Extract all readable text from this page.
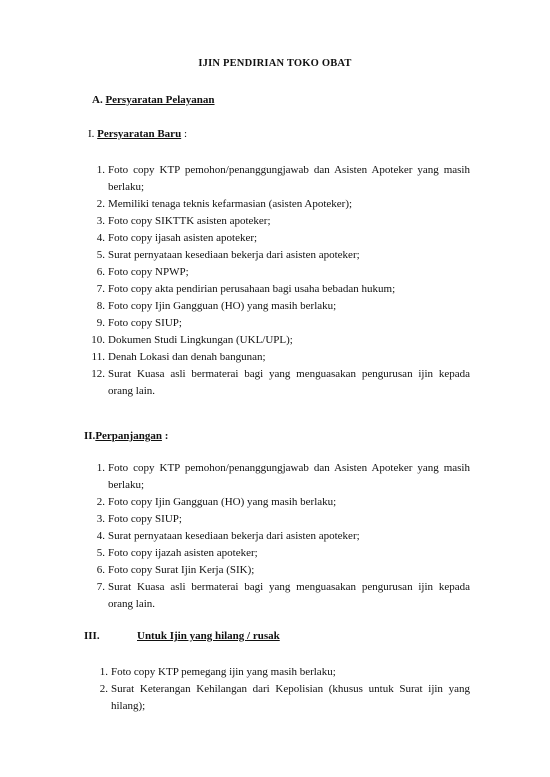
IJIN PENDIRIAN TOKO OBAT
A. Persyaratan Pelayanan
I. Persyaratan Baru :
1. Foto copy KTP pemohon/penanggungjawab dan Asisten Apoteker yang masih berlaku;
2. Memiliki tenaga teknis kefarmasian (asisten Apoteker);
3. Foto copy SIKTTK asisten apoteker;
4. Foto copy ijasah asisten apoteker;
5. Surat pernyataan kesediaan bekerja dari asisten apoteker;
6. Foto copy NPWP;
7. Foto copy akta pendirian perusahaan bagi usaha bebadan hukum;
8. Foto copy Ijin Gangguan (HO) yang masih berlaku;
9. Foto copy SIUP;
10. Dokumen Studi Lingkungan (UKL/UPL);
11. Denah Lokasi dan denah bangunan;
12. Surat Kuasa asli bermaterai bagi yang menguasakan pengurusan ijin kepada orang lain.
II.Perpanjangan :
1. Foto copy KTP pemohon/penanggungjawab dan Asisten Apoteker yang masih berlaku;
2. Foto copy Ijin Gangguan (HO) yang masih berlaku;
3. Foto copy SIUP;
4. Surat pernyataan kesediaan bekerja dari asisten apoteker;
5. Foto copy ijazah asisten apoteker;
6. Foto copy Surat Ijin Kerja (SIK);
7. Surat Kuasa asli bermaterai bagi yang menguasakan pengurusan ijin kepada orang lain.
III.	Untuk Ijin yang hilang / rusak
1. Foto copy KTP pemegang ijin yang masih berlaku;
2. Surat Keterangan Kehilangan dari Kepolisian (khusus untuk Surat ijin yang hilang);
